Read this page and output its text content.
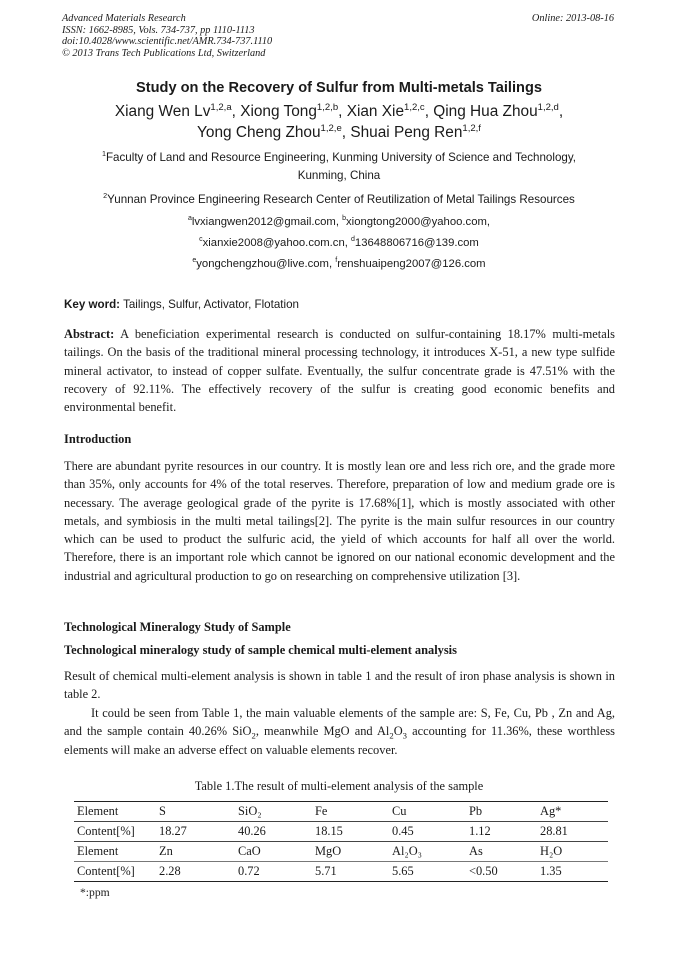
Advanced Materials Research
ISSN: 1662-8985, Vols. 734-737, pp 1110-1113
doi:10.4028/www.scientific.net/AMR.734-737.1110
© 2013 Trans Tech Publications Ltd, Switzerland
Online: 2013-08-16
Study on the Recovery of Sulfur from Multi-metals Tailings
Xiang Wen Lv$^{1,2,a}$, Xiong Tong$^{1,2,b}$, Xian Xie$^{1,2,c}$, Qing Hua Zhou$^{1,2,d}$,
Yong Cheng Zhou$^{1,2,e}$, Shuai Peng Ren$^{1,2,f}$
$^1$Faculty of Land and Resource Engineering, Kunming University of Science and Technology, Kunming, China
$^2$Yunnan Province Engineering Research Center of Reutilization of Metal Tailings Resources
$^a$lvxiangwen2012@gmail.com, $^b$xiongtong2000@yahoo.com,
$^c$xianxie2008@yahoo.com.cn, $^d$13648806716@139.com
$^e$yongchengzhou@live.com, $^f$renshuaipeng2007@126.com
Key word: Tailings, Sulfur, Activator, Flotation
Abstract: A beneficiation experimental research is conducted on sulfur-containing 18.17% multi-metals tailings. On the basis of the traditional mineral processing technology, it introduces X-51, a new type sulfide mineral activator, to instead of copper sulfate. Eventually, the sulfur concentrate grade is 47.51% with the recovery of 92.11%. The effectively recovery of the sulfur is creating good economic benefits and environmental benefit.
Introduction
There are abundant pyrite resources in our country. It is mostly lean ore and less rich ore, and the grade more than 35%, only accounts for 4% of the total reserves. Therefore, preparation of low and medium grade ore is necessary. The average geological grade of the pyrite is 17.68%[1], which is mostly associated with other metals, and symbiosis in the multi metal tailings[2]. The pyrite is the main sulfur resources in our country which can be used to product the sulfuric acid, the yield of which accounts for half all over the world. Therefore, there is an important role which cannot be ignored on our national economic development and the industrial and agricultural production to go on researching on comprehensive utilization [3].
Technological Mineralogy Study of Sample
Technological mineralogy study of sample chemical multi-element analysis
Result of chemical multi-element analysis is shown in table 1 and the result of iron phase analysis is shown in table 2.
It could be seen from Table 1, the main valuable elements of the sample are: S, Fe, Cu, Pb , Zn and Ag, and the sample contain 40.26% SiO$_2$, meanwhile MgO and $Al_2O_3$ accounting for 11.36%, these worthless elements will make an adverse effect on valuable elements recover.
Table 1.The result of multi-element analysis of the sample
Element	S	SiO₂	Fe	Cu	Pb	Ag*
Content[%]	18.27	40.26	18.15	0.45	1.12	28.81
Element	Zn	CaO	MgO	Al₂O₃	As	H₂O
Content[%]	2.28	0.72	5.71	5.65	<0.50	1.35
*:ppm
